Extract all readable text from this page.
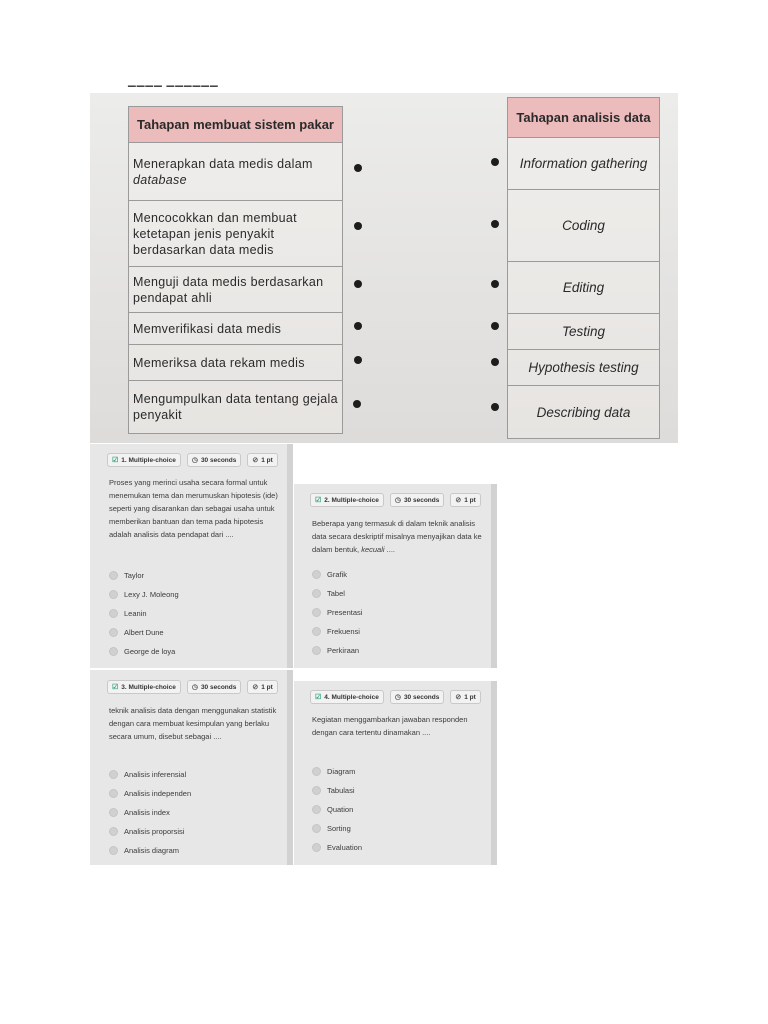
▔▔▔▔ ▔▔▔▔▔▔
Tahapan membuat sistem pakar
Menerapkan data medis dalam
database
Mencocokkan dan membuat ketetapan jenis penyakit berdasarkan data medis
Menguji data medis berdasarkan pendapat ahli
Memverifikasi data medis
Memeriksa data rekam medis
Mengumpulkan data tentang gejala penyakit
Tahapan analisis data
Information gathering
Coding
Editing
Testing
Hypothesis testing
Describing data
☑ 1. Multiple-choice ◷ 30 seconds ⊘ 1 pt
Proses yang merinci usaha secara formal untuk menemukan tema dan merumuskan hipotesis (ide) seperti yang disarankan dan sebagai usaha untuk memberikan bantuan dan tema pada hipotesis adalah analisis data pendapat dari ....
Taylor
Lexy J. Moleong
Leanin
Albert Dune
George de loya
☑ 2. Multiple-choice ◷ 30 seconds ⊘ 1 pt
Beberapa yang termasuk di dalam teknik analisis data secara deskriptif misalnya menyajikan data ke dalam bentuk, kecuali ....
Grafik
Tabel
Presentasi
Frekuensi
Perkiraan
☑ 3. Multiple-choice ◷ 30 seconds ⊘ 1 pt
teknik analisis data dengan menggunakan statistik dengan cara membuat kesimpulan yang berlaku secara umum, disebut sebagai ....
Analisis inferensial
Analisis independen
Analisis index
Analisis proporsisi
Analisis diagram
☑ 4. Multiple-choice ◷ 30 seconds ⊘ 1 pt
Kegiatan menggambarkan jawaban responden dengan cara tertentu dinamakan ....
Diagram
Tabulasi
Quation
Sorting
Evaluation
